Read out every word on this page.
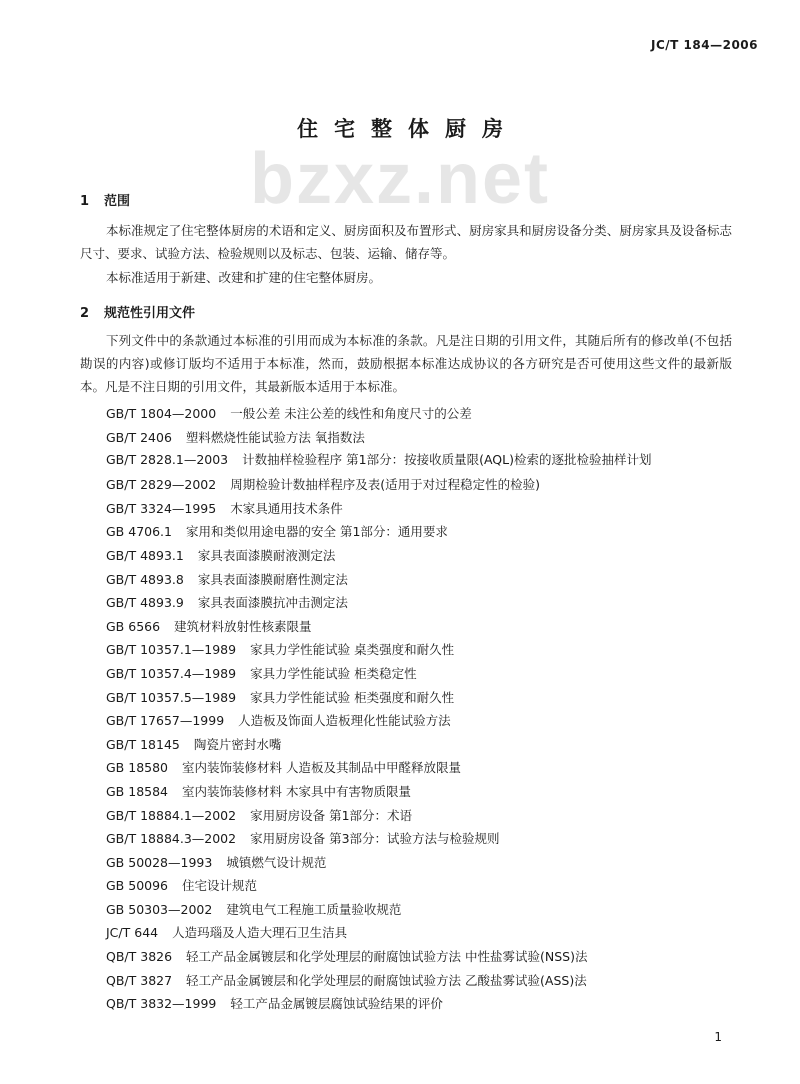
JC/T 184—2006
bzxz.net
住宅整体厨房
1 范围
本标准规定了住宅整体厨房的术语和定义、厨房面积及布置形式、厨房家具和厨房设备分类、厨房家具及设备标志尺寸、要求、试验方法、检验规则以及标志、包装、运输、储存等。
本标准适用于新建、改建和扩建的住宅整体厨房。
2 规范性引用文件
下列文件中的条款通过本标准的引用而成为本标准的条款。凡是注日期的引用文件，其随后所有的修改单(不包括勘误的内容)或修订版均不适用于本标准，然而，鼓励根据本标准达成协议的各方研究是否可使用这些文件的最新版本。凡是不注日期的引用文件，其最新版本适用于本标准。
GB/T 1804—2000 一般公差 未注公差的线性和角度尺寸的公差
GB/T 2406 塑料燃烧性能试验方法 氧指数法
GB/T 2828.1—2003 计数抽样检验程序 第1部分：按接收质量限(AQL)检索的逐批检验抽样计划
GB/T 2829—2002 周期检验计数抽样程序及表(适用于对过程稳定性的检验)
GB/T 3324—1995 木家具通用技术条件
GB 4706.1 家用和类似用途电器的安全 第1部分：通用要求
GB/T 4893.1 家具表面漆膜耐液测定法
GB/T 4893.8 家具表面漆膜耐磨性测定法
GB/T 4893.9 家具表面漆膜抗冲击测定法
GB 6566 建筑材料放射性核素限量
GB/T 10357.1—1989 家具力学性能试验 桌类强度和耐久性
GB/T 10357.4—1989 家具力学性能试验 柜类稳定性
GB/T 10357.5—1989 家具力学性能试验 柜类强度和耐久性
GB/T 17657—1999 人造板及饰面人造板理化性能试验方法
GB/T 18145 陶瓷片密封水嘴
GB 18580 室内装饰装修材料 人造板及其制品中甲醛释放限量
GB 18584 室内装饰装修材料 木家具中有害物质限量
GB/T 18884.1—2002 家用厨房设备 第1部分：术语
GB/T 18884.3—2002 家用厨房设备 第3部分：试验方法与检验规则
GB 50028—1993 城镇燃气设计规范
GB 50096 住宅设计规范
GB 50303—2002 建筑电气工程施工质量验收规范
JC/T 644 人造玛瑙及人造大理石卫生洁具
QB/T 3826 轻工产品金属镀层和化学处理层的耐腐蚀试验方法 中性盐雾试验(NSS)法
QB/T 3827 轻工产品金属镀层和化学处理层的耐腐蚀试验方法 乙酸盐雾试验(ASS)法
QB/T 3832—1999 轻工产品金属镀层腐蚀试验结果的评价
1
